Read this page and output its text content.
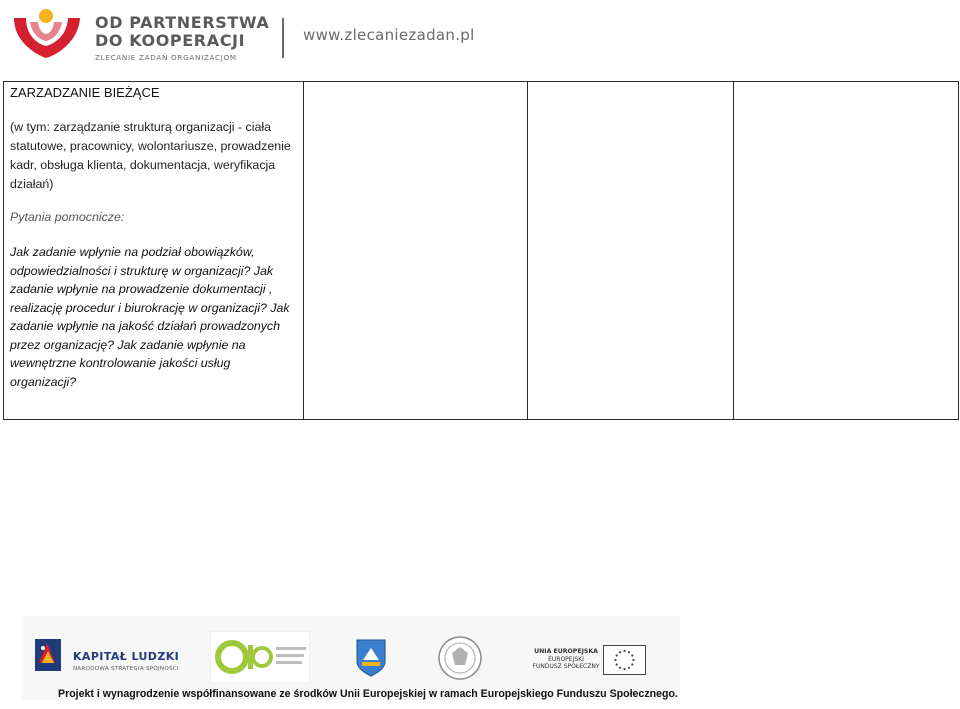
OD PARTNERSTWA
DO KOOPERACJI
ZLECANIE ZADAŃ ORGANIZACJOM
www.zlecaniezadan.pl
ZARZADZANIE BIEŻĄCE
(w tym: zarządzanie strukturą organizacji - ciała statutowe, pracownicy, wolontariusze, prowadzenie kadr, obsługa klienta, dokumentacja, weryfikacja działań)
Pytania pomocnicze:
Jak zadanie wpłynie na podział obowiązków, odpowiedzialności i strukturę w organizacji? Jak zadanie wpłynie na prowadzenie dokumentacji , realizację procedur i biurokrację w organizacji? Jak zadanie wpłynie na jakość działań prowadzonych przez organizację? Jak zadanie wpłynie na wewnętrzne kontrolowanie jakości usług organizacji?

KAPITAŁ LUDZKI
NARODOWA STRATEGIA SPÓJNOŚCI
UNIA EUROPEJSKA
EUROPEJSKI
FUNDUSZ SPOŁECZNY
Projekt i wynagrodzenie współfinansowane ze środków Unii Europejskiej w ramach Europejskiego Funduszu Społecznego.
